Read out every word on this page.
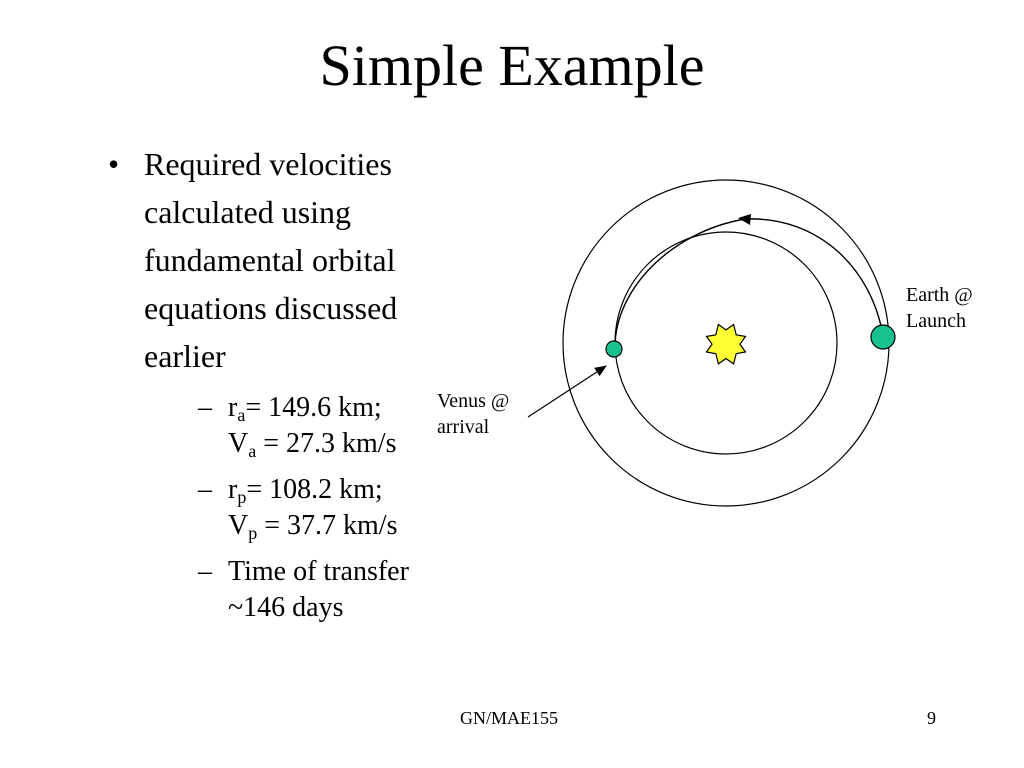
Simple Example
• Required velocities
calculated using
fundamental orbital
equations discussed
earlier
– $r_a= 149.6$ km;
$V_a = 27.3$ km/s
– $r_p= 108.2$ km;
$V_p = 37.7$ km/s
– Time of transfer
~146 days
Earth @
Launch
Venus @
arrival
GN/MAE155	9
